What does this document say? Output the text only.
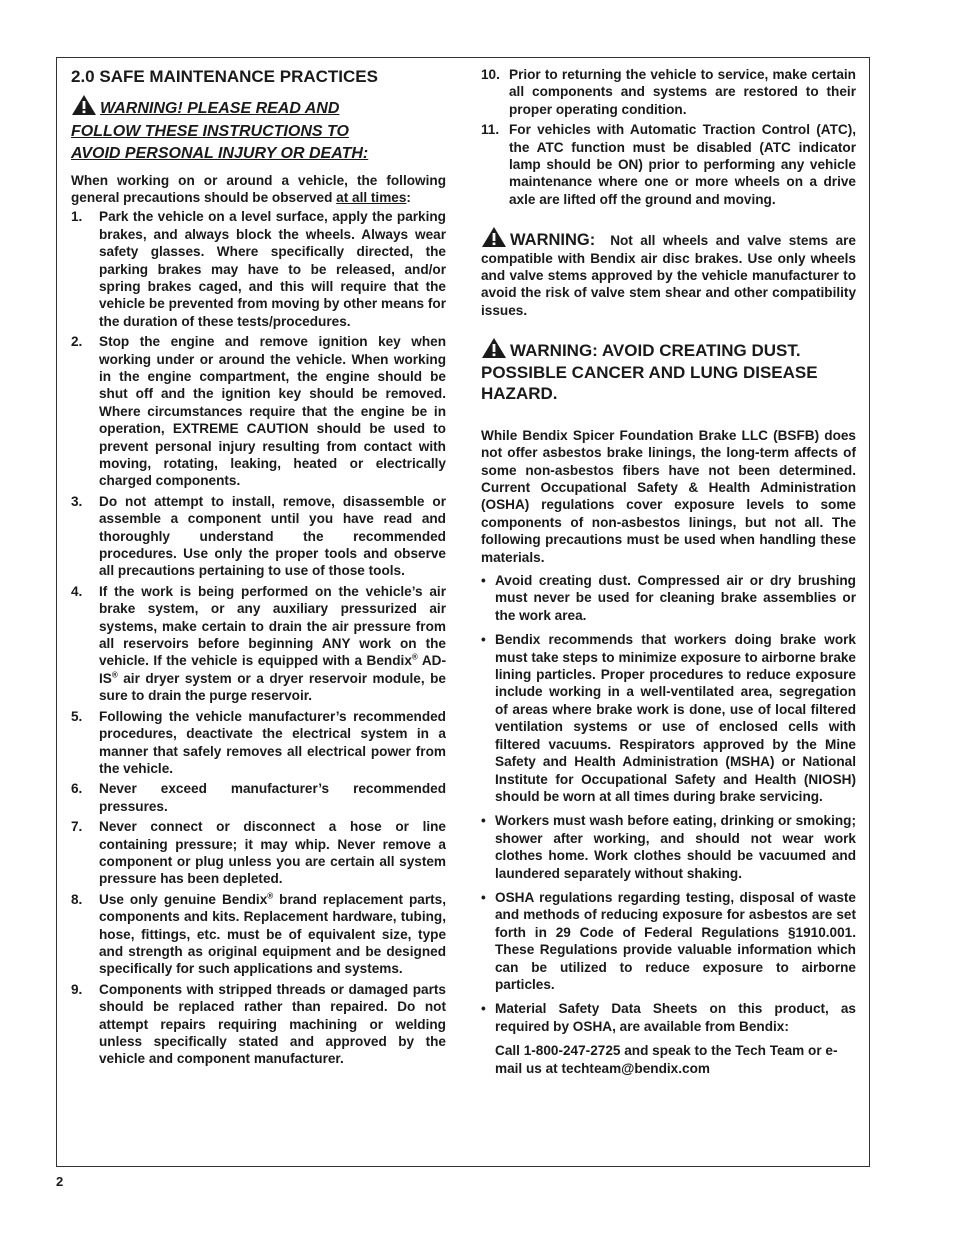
2.0 SAFE MAINTENANCE PRACTICES
WARNING! PLEASE READ AND
FOLLOW THESE INSTRUCTIONS TO
AVOID PERSONAL INJURY OR DEATH:

When working on or around a vehicle, the following general precautions should be observed at all times:

1. Park the vehicle on a level surface, apply the parking brakes, and always block the wheels. Always wear safety glasses. Where specifically directed, the parking brakes may have to be released, and/or spring brakes caged, and this will require that the vehicle be prevented from moving by other means for the duration of these tests/procedures.
2. Stop the engine and remove ignition key when working under or around the vehicle. When working in the engine compartment, the engine should be shut off and the ignition key should be removed. Where circumstances require that the engine be in operation, EXTREME CAUTION should be used to prevent personal injury resulting from contact with moving, rotating, leaking, heated or electrically charged components.
3. Do not attempt to install, remove, disassemble or assemble a component until you have read and thoroughly understand the recommended procedures. Use only the proper tools and observe all precautions pertaining to use of those tools.
4. If the work is being performed on the vehicle’s air brake system, or any auxiliary pressurized air systems, make certain to drain the air pressure from all reservoirs before beginning ANY work on the vehicle. If the vehicle is equipped with a Bendix® AD-IS® air dryer system or a dryer reservoir module, be sure to drain the purge reservoir.
5. Following the vehicle manufacturer’s recommended procedures, deactivate the electrical system in a manner that safely removes all electrical power from the vehicle.
6. Never exceed manufacturer’s recommended pressures.
7. Never connect or disconnect a hose or line containing pressure; it may whip. Never remove a component or plug unless you are certain all system pressure has been depleted.
8. Use only genuine Bendix® brand replacement parts, components and kits. Replacement hardware, tubing, hose, fittings, etc. must be of equivalent size, type and strength as original equipment and be designed specifically for such applications and systems.
9. Components with stripped threads or damaged parts should be replaced rather than repaired. Do not attempt repairs requiring machining or welding unless specifically stated and approved by the vehicle and component manufacturer.
10. Prior to returning the vehicle to service, make certain all components and systems are restored to their proper operating condition.
11. For vehicles with Automatic Traction Control (ATC), the ATC function must be disabled (ATC indicator lamp should be ON) prior to performing any vehicle maintenance where one or more wheels on a drive axle are lifted off the ground and moving.

WARNING: Not all wheels and valve stems are compatible with Bendix air disc brakes. Use only wheels and valve stems approved by the vehicle manufacturer to avoid the risk of valve stem shear and other compatibility issues.

WARNING: AVOID CREATING DUST. POSSIBLE CANCER AND LUNG DISEASE HAZARD.

While Bendix Spicer Foundation Brake LLC (BSFB) does not offer asbestos brake linings, the long-term affects of some non-asbestos fibers have not been determined. Current Occupational Safety & Health Administration (OSHA) regulations cover exposure levels to some components of non-asbestos linings, but not all. The following precautions must be used when handling these materials.

• Avoid creating dust. Compressed air or dry brushing must never be used for cleaning brake assemblies or the work area.
• Bendix recommends that workers doing brake work must take steps to minimize exposure to airborne brake lining particles. Proper procedures to reduce exposure include working in a well-ventilated area, segregation of areas where brake work is done, use of local filtered ventilation systems or use of enclosed cells with filtered vacuums. Respirators approved by the Mine Safety and Health Administration (MSHA) or National Institute for Occupational Safety and Health (NIOSH) should be worn at all times during brake servicing.
• Workers must wash before eating, drinking or smoking; shower after working, and should not wear work clothes home. Work clothes should be vacuumed and laundered separately without shaking.
• OSHA regulations regarding testing, disposal of waste and methods of reducing exposure for asbestos are set forth in 29 Code of Federal Regulations §1910.001. These Regulations provide valuable information which can be utilized to reduce exposure to airborne particles.
• Material Safety Data Sheets on this product, as required by OSHA, are available from Bendix:

Call 1-800-247-2725 and speak to the Tech Team or e-mail us at techteam@bendix.com

2
